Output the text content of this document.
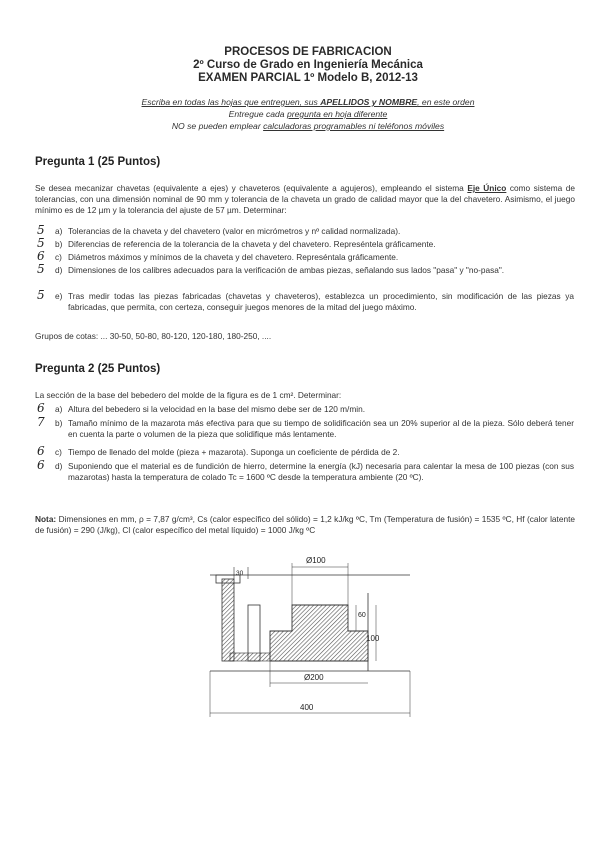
PROCESOS DE FABRICACION
2º Curso de Grado en Ingeniería Mecánica
EXAMEN PARCIAL 1º Modelo B, 2012-13
Escriba en todas las hojas que entreguen, sus APELLIDOS y NOMBRE, en este orden
Entregue cada pregunta en hoja diferente
NO se pueden emplear calculadoras programables ni teléfonos móviles
Pregunta 1 (25 Puntos)
Se desea mecanizar chavetas (equivalente a ejes) y chaveteros (equivalente a agujeros), empleando el sistema Eje Único como sistema de tolerancias, con una dimensión nominal de 90 mm y tolerancia de la chaveta un grado de calidad mayor que la del chavetero. Asimismo, el juego mínimo es de 12 µm y la tolerancia del ajuste de 57 µm. Determinar:
5 a) Tolerancias de la chaveta y del chavetero (valor en micrómetros y nº calidad normalizada).
5 b) Diferencias de referencia de la tolerancia de la chaveta y del chavetero. Represéntela gráficamente.
6 c) Diámetros máximos y mínimos de la chaveta y del chavetero. Represéntala gráficamente.
5 d) Dimensiones de los calibres adecuados para la verificación de ambas piezas, señalando sus lados "pasa" y "no-pasa".
5 e) Tras medir todas las piezas fabricadas (chavetas y chaveteros), establezca un procedimiento, sin modificación de las piezas ya fabricadas, que permita, con certeza, conseguir juegos menores de la mitad del juego máximo.
Grupos de cotas: ... 30-50, 50-80, 80-120, 120-180, 180-250, ....
Pregunta 2 (25 Puntos)
La sección de la base del bebedero del molde de la figura es de 1 cm². Determinar:
6 a) Altura del bebedero si la velocidad en la base del mismo debe ser de 120 m/min.
7 b) Tamaño mínimo de la mazarota más efectiva para que su tiempo de solidificación sea un 20% superior al de la pieza. Sólo deberá tener en cuenta la parte o volumen de la pieza que solidifique más lentamente.
6 c) Tiempo de llenado del molde (pieza + mazarota). Suponga un coeficiente de pérdida de 2.
6 d) Suponiendo que el material es de fundición de hierro, determine la energía (kJ) necesaria para calentar la mesa de 100 piezas (con sus mazarotas) hasta la temperatura de colado Tc = 1600 ºC desde la temperatura ambiente (20 ºC).
Nota: Dimensiones en mm, ρ = 7,87 g/cm³, Cs (calor específico del sólido) = 1,2 kJ/kg ºC, Tm (Temperatura de fusión) = 1535 ºC, Hf (calor latente de fusión) = 290 (J/kg), Cl (calor específico del metal líquido) = 1000 J/kg ºC
Ø100
30
60
100
Ø200
400
